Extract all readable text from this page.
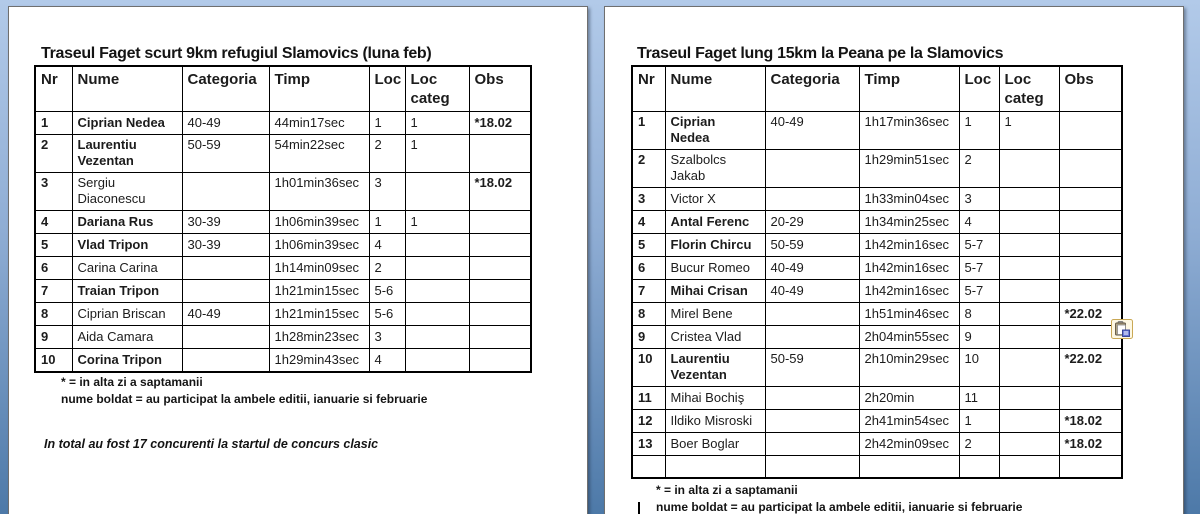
Traseul Faget scurt 9km refugiul Slamovics (luna feb)
Nr	Nume	Categoria	Timp	Loc	Loc
categ	Obs
1	Ciprian Nedea	40-49	44min17sec	1	1	*18.02
2	Laurentiu
Vezentan	50-59	54min22sec	2	1	
3	Sergiu
Diaconescu		1h01min36sec	3		*18.02
4	Dariana Rus	30-39	1h06min39sec	1	1	
5	Vlad Tripon	30-39	1h06min39sec	4		
6	Carina Carina		1h14min09sec	2		
7	Traian Tripon		1h21min15sec	5-6		
8	Ciprian Briscan	40-49	1h21min15sec	5-6		
9	Aida Camara		1h28min23sec	3		
10	Corina Tripon		1h29min43sec	4		
* = in alta zi a saptamanii
nume boldat = au participat la ambele editii, ianuarie si februarie
In total au fost 17 concurenti la startul de concurs clasic
Traseul Faget lung 15km la Peana pe la Slamovics
Nr	Nume	Categoria	Timp	Loc	Loc
categ	Obs
1	Ciprian
Nedea	40-49	1h17min36sec	1	1	
2	Szalbolcs
Jakab		1h29min51sec	2		
3	Victor X		1h33min04sec	3		
4	Antal Ferenc	20-29	1h34min25sec	4		
5	Florin Chircu	50-59	1h42min16sec	5-7		
6	Bucur Romeo	40-49	1h42min16sec	5-7		
7	Mihai Crisan	40-49	1h42min16sec	5-7		
8	Mirel Bene		1h51min46sec	8		*22.02
9	Cristea Vlad		2h04min55sec	9		
10	Laurentiu
Vezentan	50-59	2h10min29sec	10		*22.02
11	Mihai Bochiş		2h20min	11		
12	Ildiko Misroski		2h41min54sec	1		*18.02
13	Boer Boglar		2h42min09sec	2		*18.02

* = in alta zi a saptamanii
nume boldat = au participat la ambele editii, ianuarie si februarie
